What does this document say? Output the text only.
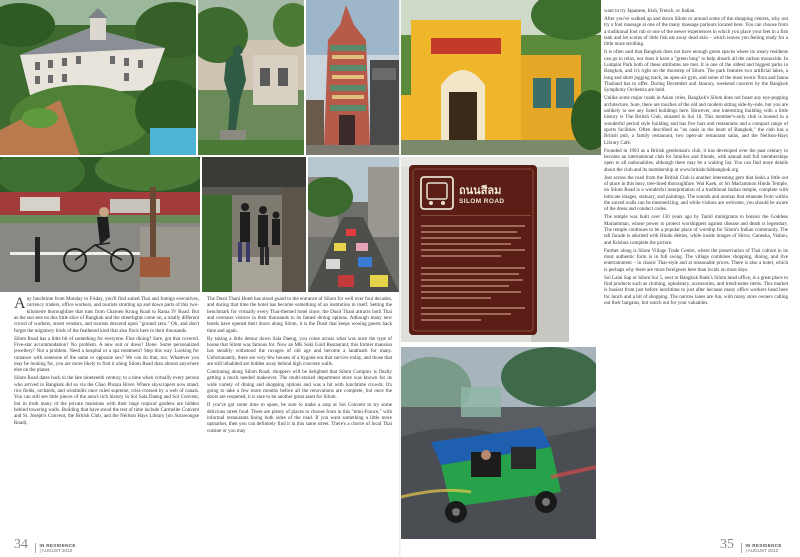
Any lunchtime from Monday to Friday, you'll find suited Thai and foreign executives, currency traders, office workers, and tourists strutting up and down parts of this two-kilometre thoroughfare that runs from Charoen Krung Road to Rama IV Road. But as the sun sets on this little slice of Bangkok and the streetlights come on, a totally different crowd of workers, street vendors, and tourists descend upon "ground zero." Oh, and don't forget the migratory birds of the feathered kind that also flock here in their thousands.

Silom Road has a little bit of something for everyone. Fine dining? Sure, got that covered. Five-star accommodation? No problem. A new suit or dress? Done. Some personalized jewellery? Not a problem. Need a hospital or a spa treatment? Step this way. Looking for romance with someone of the same or opposite sex? We can do that, too. Whatever you may be looking for, you are more likely to find it along Silom Road than almost anywhere else on the planet.

Silom Road dates back to the late nineteenth century, to a time when virtually every person who arrived in Bangkok did so via the Chao Phraya River. Where skyscrapers now stand, rice fields, orchards, and windmills once ruled supreme, criss-crossed by a web of canals. You can still see little pieces of the area's rich history in Soi Sala Daeng and Soi Convent, but in truth many of the private mansions with their huge tropical gardens are hidden behind towering walls. Building that have stood the test of time include Carmelite Convent and St. Joseph's Convent, the British Club, and the Neilson Hays Library (on Surawongse Road).

The Dusit Thani Hotel has stood guard to the entrance of Silom for well over four decades, and during that time the hotel has become something of an institution in itself. Setting the benchmark for virtually every Thai-themed hotel since, the Dusit Thani attracts both Thai and overseas visitors in their thousands to its famed dining options. Although many new hotels have opened their doors along Silom, it is the Dusit that keeps wooing guests back time and again.

By taking a little detour down Sala Daeng, you come across what was once the type of house that Silom was famous for. Now an MK Suki Gold Restaurant, this former mansion has steadily withstood the ravages of old age and become a landmark for many. Unfortunately, there are very few houses of a bygone era that survive today, and those that are still inhabited are hidden away behind high concrete walls.

Continuing along Silom Road, shoppers will be delighted that Silom Complex is finally getting a much needed makeover. The multi-storied department store was known for its wide variety of dining and shopping options and was a hit with lunchtime crowds. It's going to take a few more months before all the renovations are complete, but once the doors are reopened, it is sure to be another great asset for Silom.

If you've got some time to spare, be sure to make a stop at Soi Convent to try some delicious street food. There are plenty of places to choose from in this "mini-France," with informal restaurants lining both sides of the road. If you want something a little more upmarket, then you can definitely find it in this same street. There's a choice of local Thai cuisine or you may

34 IN RESIDENCE
| AUGUST 2012
ถนนสีลม
SILOM ROAD

want to try Japanese, Irish, French, or Italian.

After you've walked up and down Silom or around some of the shopping centres, why not try a foot massage at one of the many massage parlours located here. You can choose from a traditional foot rub or one of the newer experiences in which you place your feet in a fish tank and let scores of little fish eat away dead skin – which leaves you feeling ready for a little more strolling.

It is often said that Bangkok does not have enough green spaces where its weary residents can go to relax, nor does it have a "green lung" to help absorb all the carbon monoxide. In Lumpini Park both of these attributes are met. It is one of the oldest and biggest parks in Bangkok, and it's right on the doorstep of Silom. The park features two artificial lakes, a long and short jogging track, an open-air gym, and some of the most exotic flora and fauna Thailand has to offer. During December and January, weekend concerts by the Bangkok Symphony Orchestra are held.

Unlike some major roads in Asian cities, Bangkok's Silom does not boast any eye-popping architecture. Sure, there are touches of the old and modern sitting side-by-side, but you are unlikely to see any listed buildings here. However, one interesting building with a little history is The British Club, situated in Soi 18. This member's-only club is housed in a wonderful period style building and has five bars and restaurants and a compact range of sports facilities. Often described as "an oasis in the heart of Bangkok," the club has a British pub, a family restaurant, two open-air restaurant salas, and the Neilson-Hays Library Café.

Founded in 1903 as a British gentleman's club, it has developed over the past century to become an international club for families and friends, with annual and full memberships open to all nationalities, although there may be a waiting list. You can find more details about the club and its membership at www.britishclubbangkok.org

Just across the road from the British Club is another interesting gem that looks a little out of place in this busy, tree-lined thoroughfare. Wat Kaek, or Sri Mariammon Hindu Temple, on Silom Road is a wonderful interpretation of a traditional Indian temple, complete with intricate images, statuary, and paintings. The sounds and aromas that emanate from within the sacred walls can be mesmerizing, and while visitors are welcome, you should be aware of the dress and conduct codes.

The temple was built over 130 years ago by Tamil immigrants to honour the Goddess Mariamman, whose power to protect worshippers against disease and death is legendary. The temple continues to be a popular place of worship for Silom's Indian community. The tall facade is adorned with Hindu deities, while inside images of Shiva, Ganesha, Vishnu, and Krishna complete the picture.

Further along is Silom Village Trade Centre, where the preservation of Thai culture in its most authentic form is in full swing. The village combines shopping, dining, and live entertainment – in classic Thai-style and at reasonable prices. There is also a hotel, which is perhaps why there are more foreigners here than locals on most days.

Soi Lalai Sap or Silom Soi 5, next to Bangkok Bank's Silom head office, is a great place to find products such as clothing, upholstery, accessories, and trend-name items. This market is busiest from just before lunchtime to just after because many office workers head here for lunch and a bit of shopping. The narrow lanes are fun, with many store owners calling out their bargains, but watch out for your valuables.

35 IN RESIDENCE
| AUGUST 2012
